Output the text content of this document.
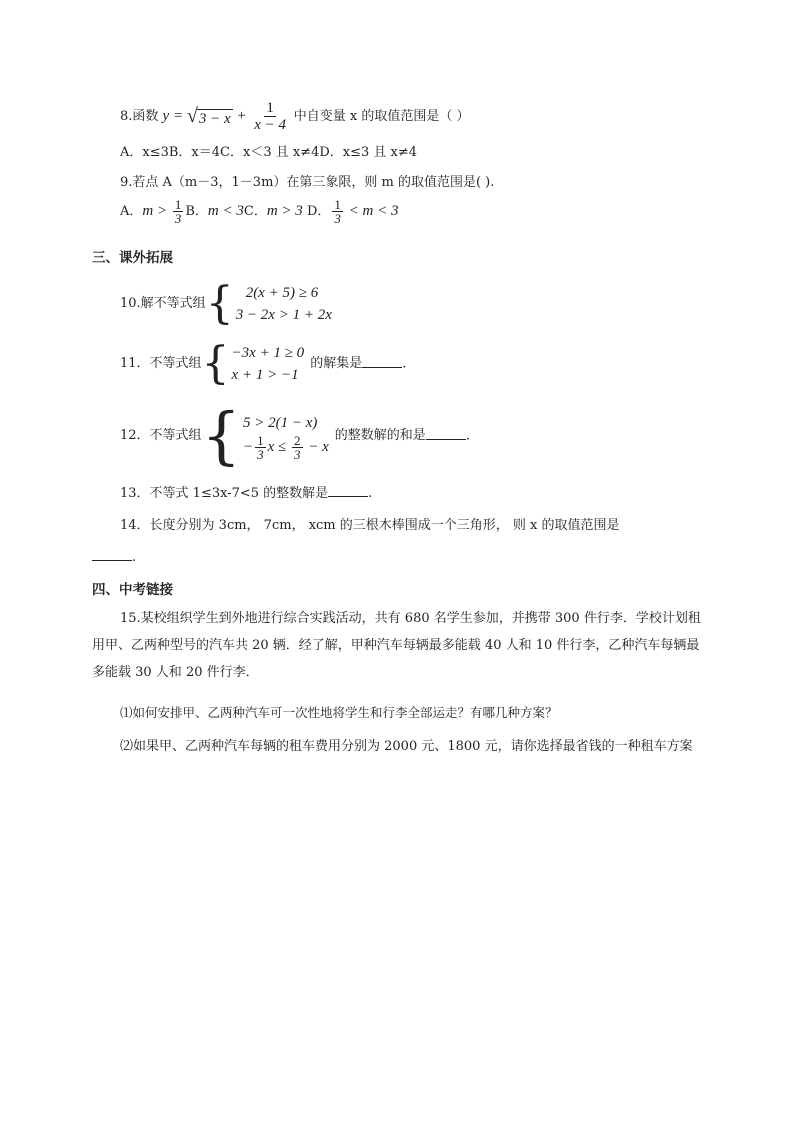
8.函数 y = √ $3 - x + \frac{1}{x - 4}$ 中自变量 x 的取值范围是（ ）
A．x≤3B．x＝4C．x＜3 且 x≠4D．x≤3 且 x≠4
9.若点 A（m－3，1－3m）在第三象限，则 m 的取值范围是( ).
A．$m > \frac{1}{3}$ B．m < 3C．m > 3 D． $\frac{1}{3} < m < 3$
三、课外拓展
10.解不等式组 { 2(x + 5) ≥ 6
3 − 2x > 1 + 2x
11．不等式组 { −3x + 1 ≥ 0
x + 1 > −1
的解集是	.
12．不等式组 { 5 > 2(1 − x)
− $\frac{1}{3}$ $x \le \frac{2}{3} - x$
的整数解的和是	.
13．不等式 1≤3x-7<5 的整数解是	.
14．长度分别为 3cm， 7cm， xcm 的三根木棒围成一个三角形， 则 x 的取值范围是
.
四、中考链接
15.某校组织学生到外地进行综合实践活动，共有 680 名学生参加，并携带 300 件行李．学校计划租用甲、乙两种型号的汽车共 20 辆．经了解，甲种汽车每辆最多能载 40 人和 10 件行李，乙种汽车每辆最多能载 30 人和 20 件行李．
⑴如何安排甲、乙两种汽车可一次性地将学生和行李全部运走？有哪几种方案？
⑵如果甲、乙两种汽车每辆的租车费用分别为 2000 元、1800 元，请你选择最省钱的一种租车方案
